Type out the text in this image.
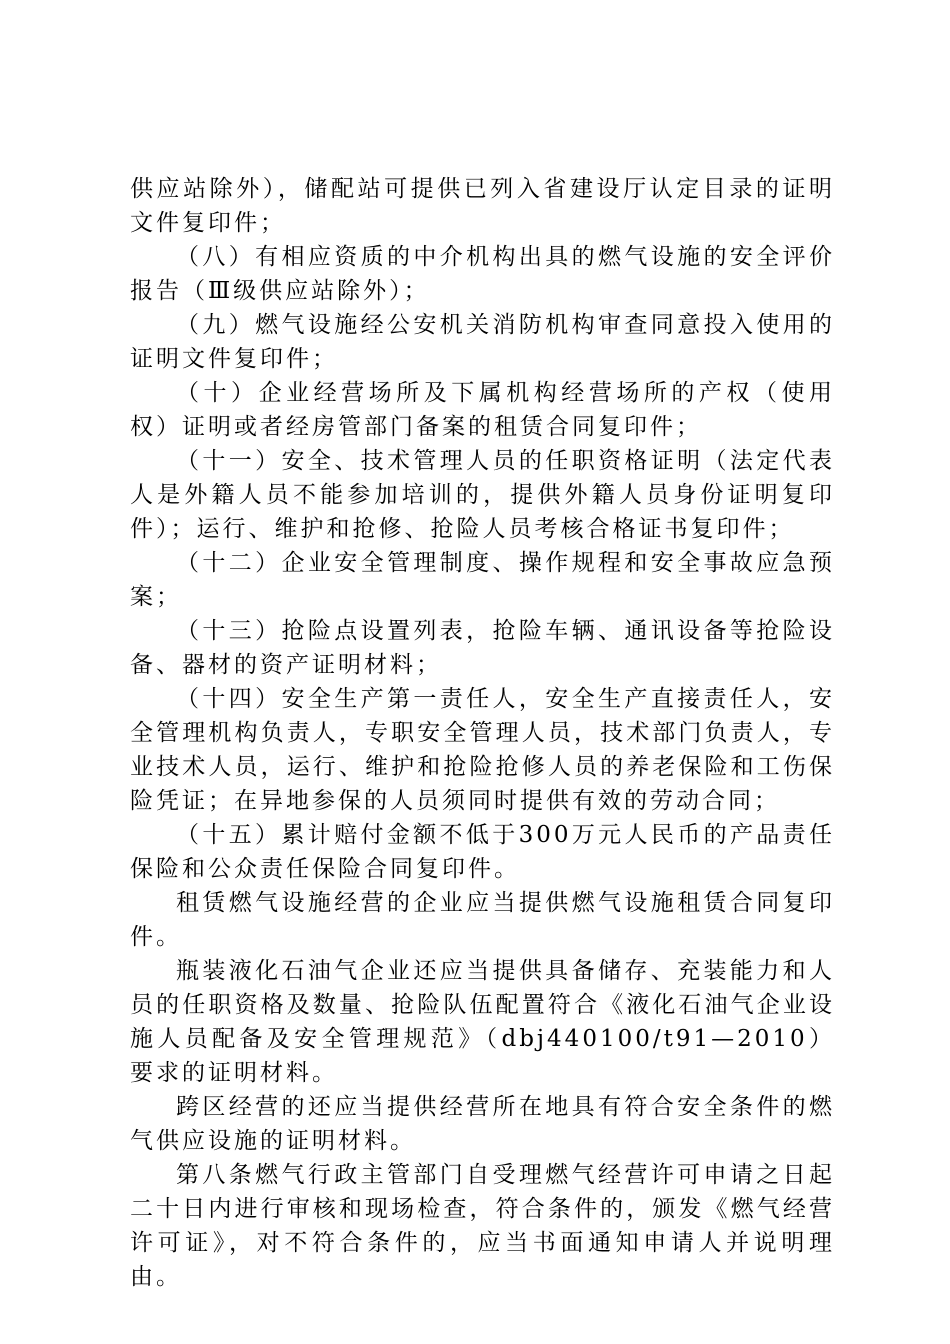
供应站除外），储配站可提供已列入省建设厅认定目录的证明文件复印件；

（八）有相应资质的中介机构出具的燃气设施的安全评价报告（Ⅲ级供应站除外）；

（九）燃气设施经公安机关消防机构审查同意投入使用的证明文件复印件；

（十）企业经营场所及下属机构经营场所的产权（使用权）证明或者经房管部门备案的租赁合同复印件；

（十一）安全、技术管理人员的任职资格证明（法定代表人是外籍人员不能参加培训的，提供外籍人员身份证明复印件）；运行、维护和抢修、抢险人员考核合格证书复印件；

（十二）企业安全管理制度、操作规程和安全事故应急预案；

（十三）抢险点设置列表，抢险车辆、通讯设备等抢险设备、器材的资产证明材料；

（十四）安全生产第一责任人，安全生产直接责任人，安全管理机构负责人，专职安全管理人员，技术部门负责人，专业技术人员，运行、维护和抢险抢修人员的养老保险和工伤保险凭证；在异地参保的人员须同时提供有效的劳动合同；

（十五）累计赔付金额不低于300万元人民币的产品责任保险和公众责任保险合同复印件。

租赁燃气设施经营的企业应当提供燃气设施租赁合同复印件。

瓶装液化石油气企业还应当提供具备储存、充装能力和人员的任职资格及数量、抢险队伍配置符合《液化石油气企业设施人员配备及安全管理规范》（dbj440100/t91—2010）要求的证明材料。

跨区经营的还应当提供经营所在地具有符合安全条件的燃气供应设施的证明材料。

第八条燃气行政主管部门自受理燃气经营许可申请之日起二十日内进行审核和现场检查，符合条件的，颁发《燃气经营许可证》，对不符合条件的，应当书面通知申请人并说明理由。
